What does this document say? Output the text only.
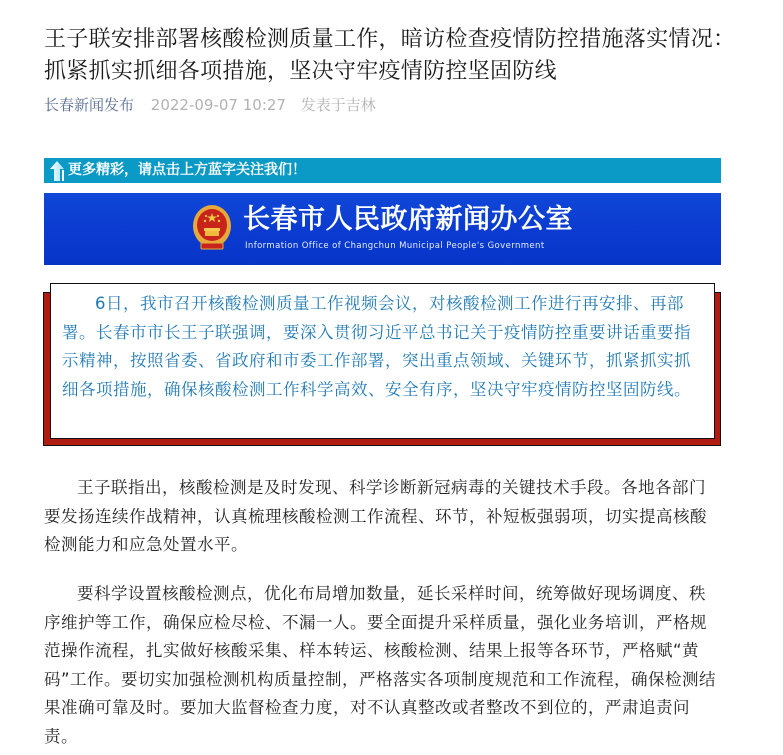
王子联安排部署核酸检测质量工作，暗访检查疫情防控措施落实情况：抓紧抓实抓细各项措施，坚决守牢疫情防控坚固防线
长春新闻发布 2022-09-07 10:27 发表于吉林
更多精彩，请点击上方蓝字关注我们！
长春市人民政府新闻办公室
Information Office of Changchun Municipal People's Government

6日，我市召开核酸检测质量工作视频会议，对核酸检测工作进行再安排、再部署。长春市市长王子联强调，要深入贯彻习近平总书记关于疫情防控重要讲话重要指示精神，按照省委、省政府和市委工作部署，突出重点领域、关键环节，抓紧抓实抓细各项措施，确保核酸检测工作科学高效、安全有序，坚决守牢疫情防控坚固防线。

王子联指出，核酸检测是及时发现、科学诊断新冠病毒的关键技术手段。各地各部门要发扬连续作战精神，认真梳理核酸检测工作流程、环节，补短板强弱项，切实提高核酸检测能力和应急处置水平。

要科学设置核酸检测点，优化布局增加数量，延长采样时间，统筹做好现场调度、秩序维护等工作，确保应检尽检、不漏一人。要全面提升采样质量，强化业务培训，严格规范操作流程，扎实做好核酸采集、样本转运、核酸检测、结果上报等各环节，严格赋“黄码”工作。要切实加强检测机构质量控制，严格落实各项制度规范和工作流程，确保检测结果准确可靠及时。要加大监督检查力度，对不认真整改或者整改不到位的，严肃追责问责。
